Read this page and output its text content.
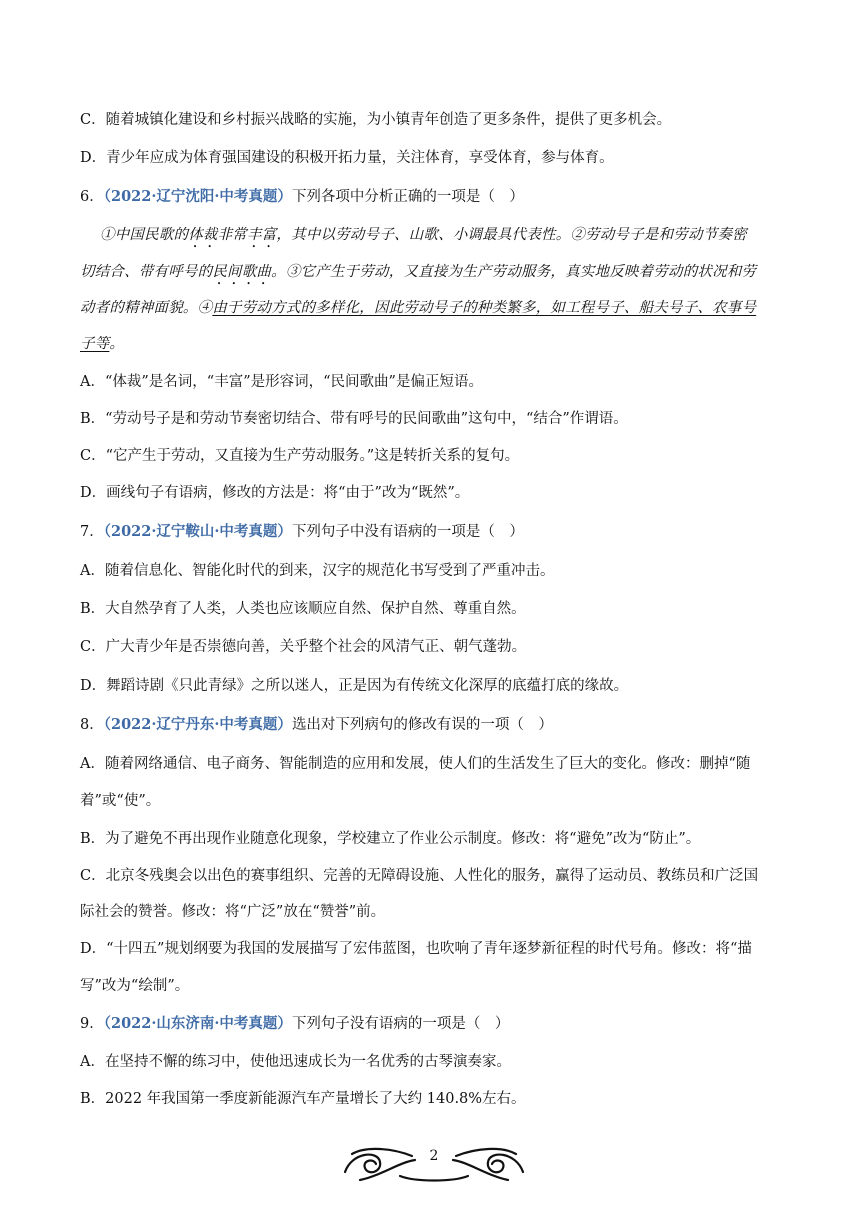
C．随着城镇化建设和乡村振兴战略的实施，为小镇青年创造了更多条件，提供了更多机会。
D．青少年应成为体育强国建设的积极开拓力量，关注体育，享受体育，参与体育。
6．（2022·辽宁沈阳·中考真题）下列各项中分析正确的一项是（　）
①中国民歌的体裁非常丰富，其中以劳动号子、山歌、小调最具代表性。②劳动号子是和劳动节奏密
切结合、带有呼号的民间歌曲。③它产生于劳动，又直接为生产劳动服务，真实地反映着劳动的状况和劳
动者的精神面貌。④由于劳动方式的多样化，因此劳动号子的种类繁多，如工程号子、船夫号子、农事号
子等。
A．“体裁”是名词，“丰富”是形容词，“民间歌曲”是偏正短语。
B．“劳动号子是和劳动节奏密切结合、带有呼号的民间歌曲”这句中，“结合”作谓语。
C．“它产生于劳动，又直接为生产劳动服务。”这是转折关系的复句。
D．画线句子有语病，修改的方法是：将“由于”改为“既然”。
7．（2022·辽宁鞍山·中考真题）下列句子中没有语病的一项是（　）
A．随着信息化、智能化时代的到来，汉字的规范化书写受到了严重冲击。
B．大自然孕育了人类，人类也应该顺应自然、保护自然、尊重自然。
C．广大青少年是否崇德向善，关乎整个社会的风清气正、朝气蓬勃。
D．舞蹈诗剧《只此青绿》之所以迷人，正是因为有传统文化深厚的底蕴打底的缘故。
8．（2022·辽宁丹东·中考真题）选出对下列病句的修改有误的一项（　）
A．随着网络通信、电子商务、智能制造的应用和发展，使人们的生活发生了巨大的变化。修改：删掉“随
着”或“使”。
B．为了避免不再出现作业随意化现象，学校建立了作业公示制度。修改：将“避免”改为“防止”。
C．北京冬残奥会以出色的赛事组织、完善的无障碍设施、人性化的服务，赢得了运动员、教练员和广泛国
际社会的赞誉。修改：将“广泛”放在“赞誉”前。
D．“十四五”规划纲要为我国的发展描写了宏伟蓝图，也吹响了青年逐梦新征程的时代号角。修改：将“描
写”改为“绘制”。
9．（2022·山东济南·中考真题）下列句子没有语病的一项是（　）
A．在坚持不懈的练习中，使他迅速成长为一名优秀的古琴演奏家。
B．2022 年我国第一季度新能源汽车产量增长了大约 140.8%左右。
2
